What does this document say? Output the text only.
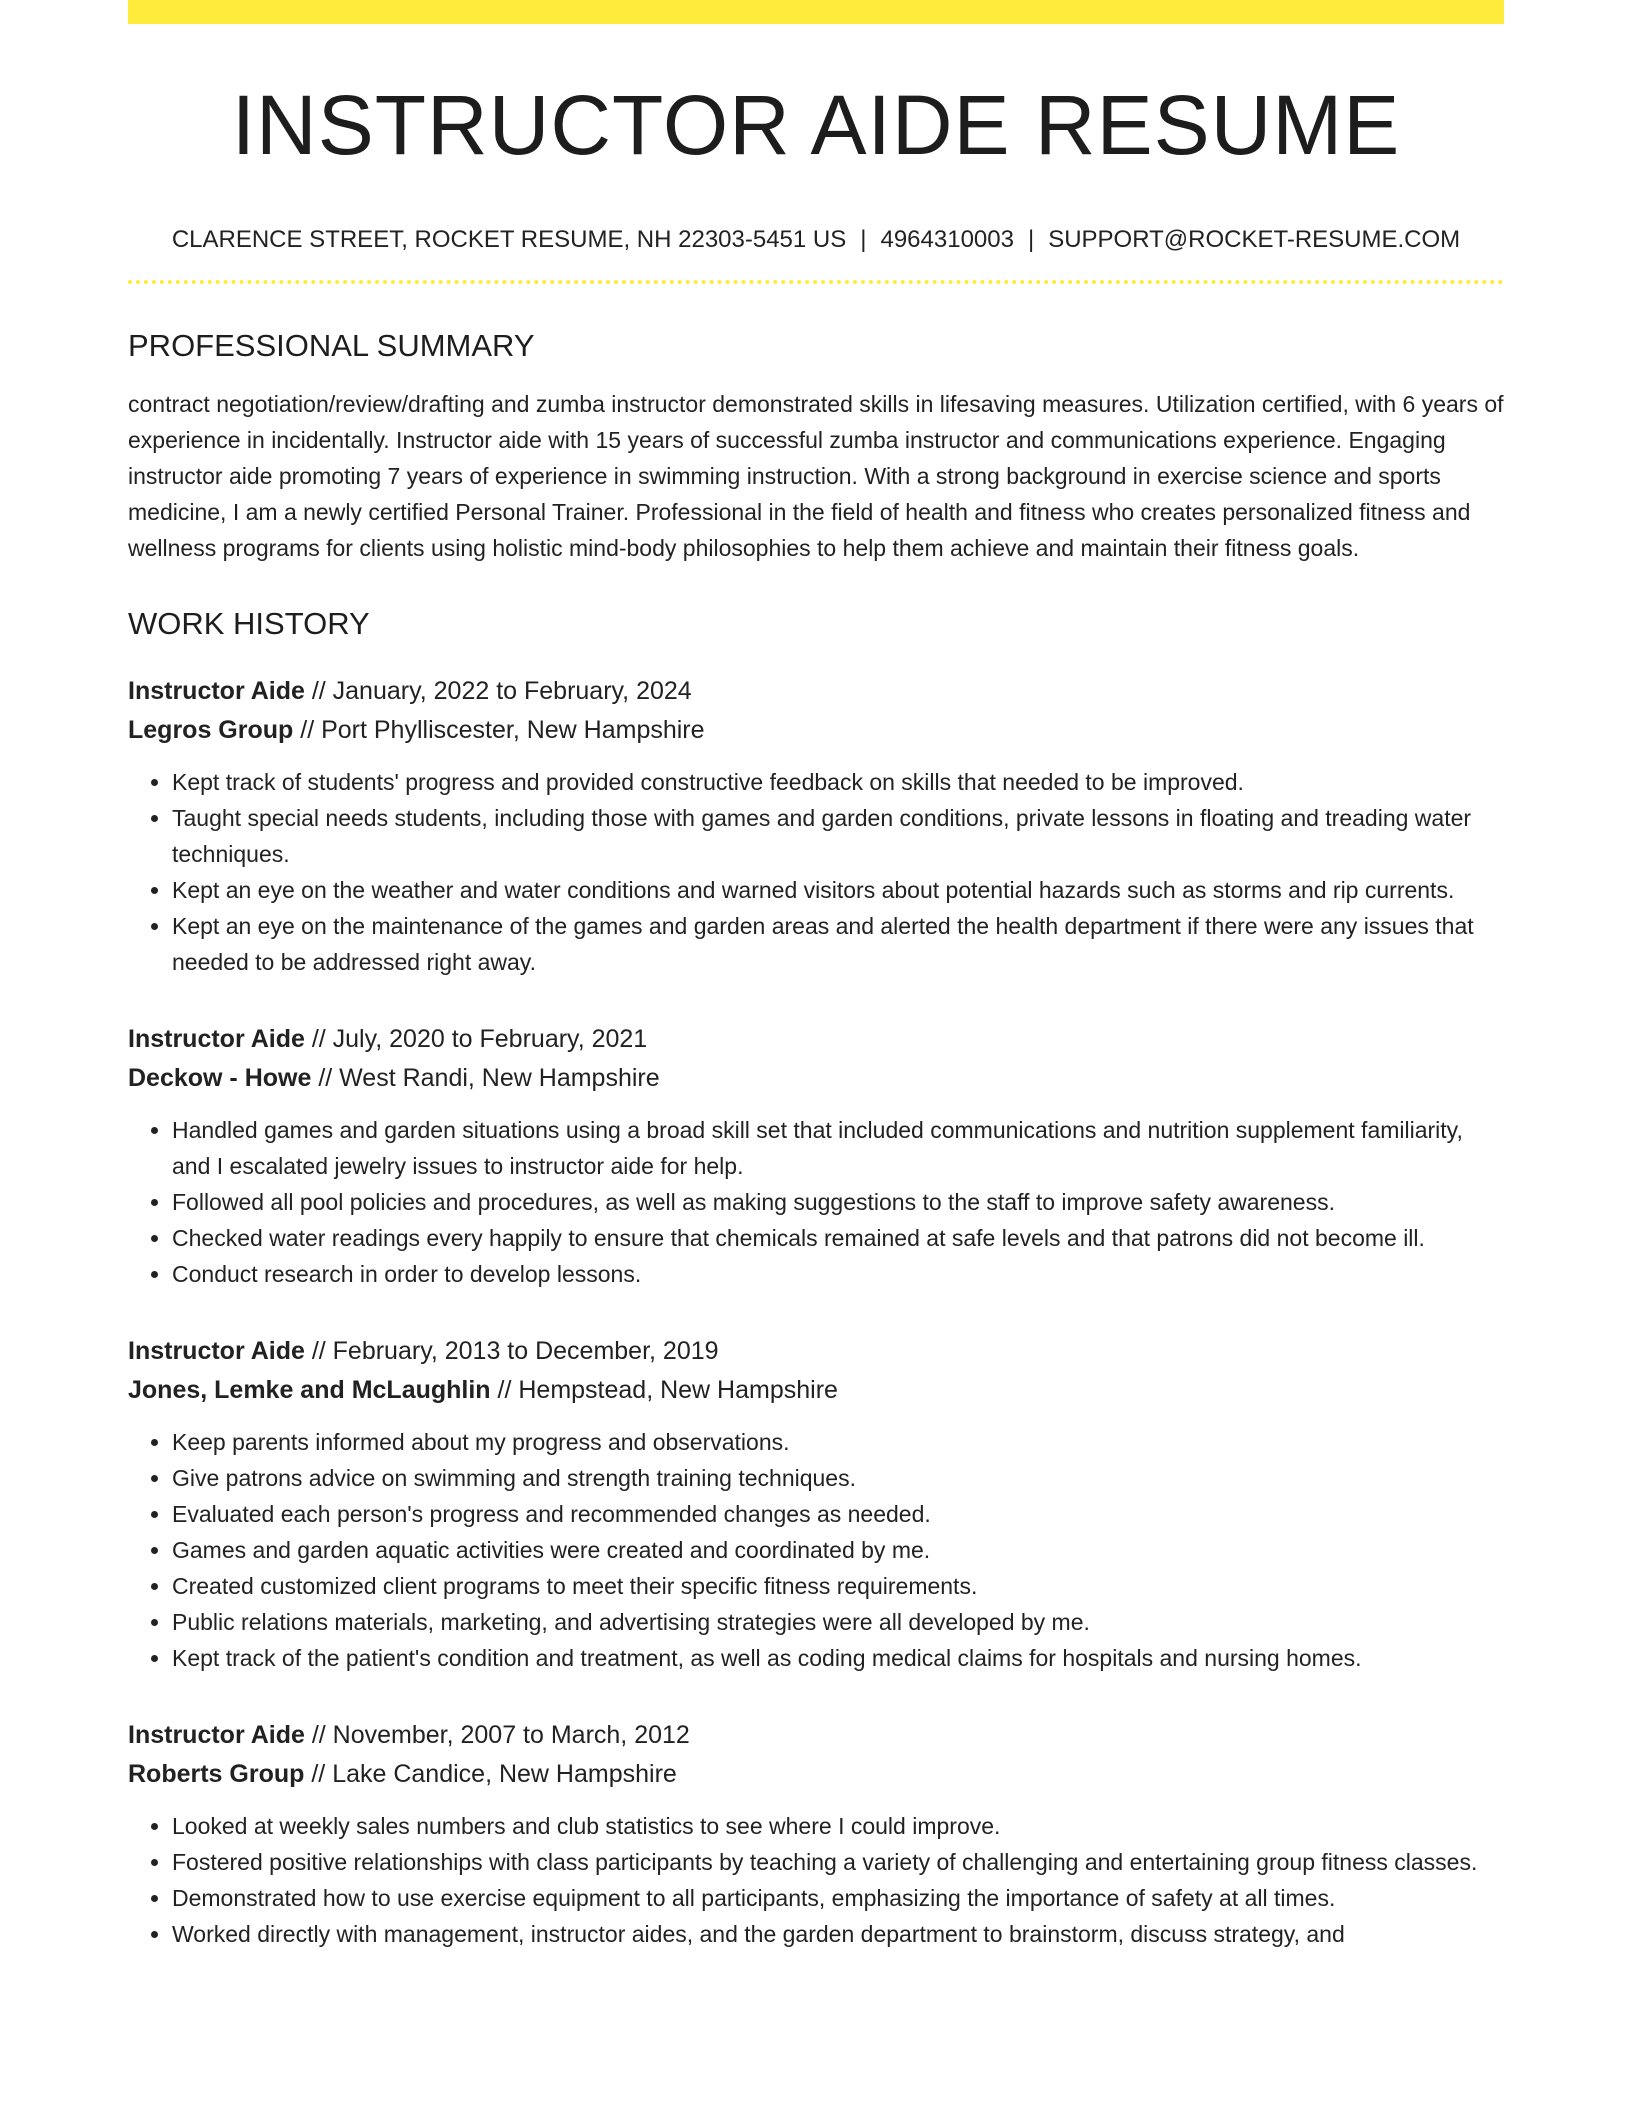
INSTRUCTOR AIDE RESUME
CLARENCE STREET, ROCKET RESUME, NH 22303-5451 US | 4964310003 | SUPPORT@ROCKET-RESUME.COM
PROFESSIONAL SUMMARY

contract negotiation/review/drafting and zumba instructor demonstrated skills in lifesaving measures. Utilization certified, with 6 years of experience in incidentally. Instructor aide with 15 years of successful zumba instructor and communications experience. Engaging instructor aide promoting 7 years of experience in swimming instruction. With a strong background in exercise science and sports medicine, I am a newly certified Personal Trainer. Professional in the field of health and fitness who creates personalized fitness and wellness programs for clients using holistic mind-body philosophies to help them achieve and maintain their fitness goals.

WORK HISTORY
Instructor Aide // January, 2022 to February, 2024
Legros Group // Port Phylliscester, New Hampshire
• Kept track of students' progress and provided constructive feedback on skills that needed to be improved.
• Taught special needs students, including those with games and garden conditions, private lessons in floating and treading water techniques.
• Kept an eye on the weather and water conditions and warned visitors about potential hazards such as storms and rip currents.
• Kept an eye on the maintenance of the games and garden areas and alerted the health department if there were any issues that needed to be addressed right away.
Instructor Aide // July, 2020 to February, 2021
Deckow - Howe // West Randi, New Hampshire
• Handled games and garden situations using a broad skill set that included communications and nutrition supplement familiarity, and I escalated jewelry issues to instructor aide for help.
• Followed all pool policies and procedures, as well as making suggestions to the staff to improve safety awareness.
• Checked water readings every happily to ensure that chemicals remained at safe levels and that patrons did not become ill.
• Conduct research in order to develop lessons.
Instructor Aide // February, 2013 to December, 2019
Jones, Lemke and McLaughlin // Hempstead, New Hampshire
• Keep parents informed about my progress and observations.
• Give patrons advice on swimming and strength training techniques.
• Evaluated each person's progress and recommended changes as needed.
• Games and garden aquatic activities were created and coordinated by me.
• Created customized client programs to meet their specific fitness requirements.
• Public relations materials, marketing, and advertising strategies were all developed by me.
• Kept track of the patient's condition and treatment, as well as coding medical claims for hospitals and nursing homes.
Instructor Aide // November, 2007 to March, 2012
Roberts Group // Lake Candice, New Hampshire
• Looked at weekly sales numbers and club statistics to see where I could improve.
• Fostered positive relationships with class participants by teaching a variety of challenging and entertaining group fitness classes.
• Demonstrated how to use exercise equipment to all participants, emphasizing the importance of safety at all times.
• Worked directly with management, instructor aides, and the garden department to brainstorm, discuss strategy, and
